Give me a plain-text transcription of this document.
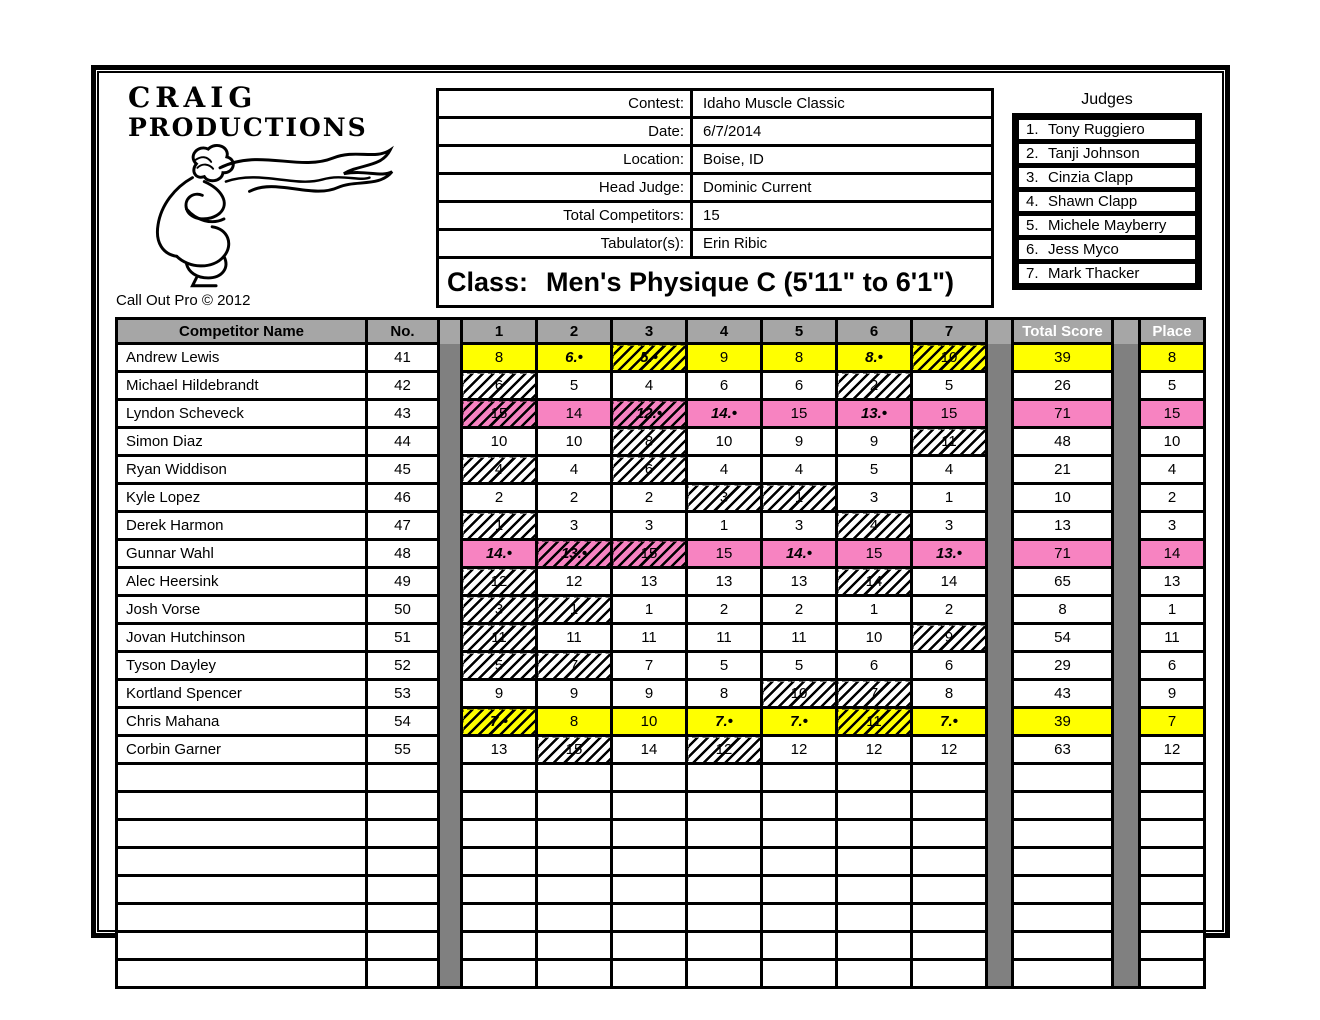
CRAIG
PRODUCTIONS
Call Out Pro © 2012
Contest:	Idaho Muscle Classic
Date:	6/7/2014
Location:	Boise, ID
Head Judge:	Dominic Current
Total Competitors:	15
Tabulator(s):	Erin Ribic
Class: Men's Physique C (5'11" to 6'1")
Judges
1. Tony Ruggiero
2. Tanji Johnson
3. Cinzia Clapp
4. Shawn Clapp
5. Michele Mayberry
6. Jess Myco
7. Mark Thacker
Competitor Name	No.		1	2	3	4	5	6	7		Total Score		Place
Andrew Lewis	41		8	6.•	5.•	9	8	8.•	10		39		8
Michael Hildebrandt	42		6	5	4	6	6	2	5		26		5
Lyndon Scheveck	43		15	14	12.•	14.•	15	13.•	15		71		15
Simon Diaz	44		10	10	8	10	9	9	11		48		10
Ryan Widdison	45		4	4	6	4	4	5	4		21		4
Kyle Lopez	46		2	2	2	3	1	3	1		10		2
Derek Harmon	47		1	3	3	1	3	4	3		13		3
Gunnar Wahl	48		14.•	13.•	15	15	14.•	15	13.•		71		14
Alec Heersink	49		12	12	13	13	13	14	14		65		13
Josh Vorse	50		3	1	1	2	2	1	2		8		1
Jovan Hutchinson	51		11	11	11	11	11	10	9		54		11
Tyson Dayley	52		5	7	7	5	5	6	6		29		6
Kortland Spencer	53		9	9	9	8	10	7	8		43		9
Chris Mahana	54		7.•	8	10	7.•	7.•	11	7.•		39		7
Corbin Garner	55		13	15	14	12	12	12	12		63		12
